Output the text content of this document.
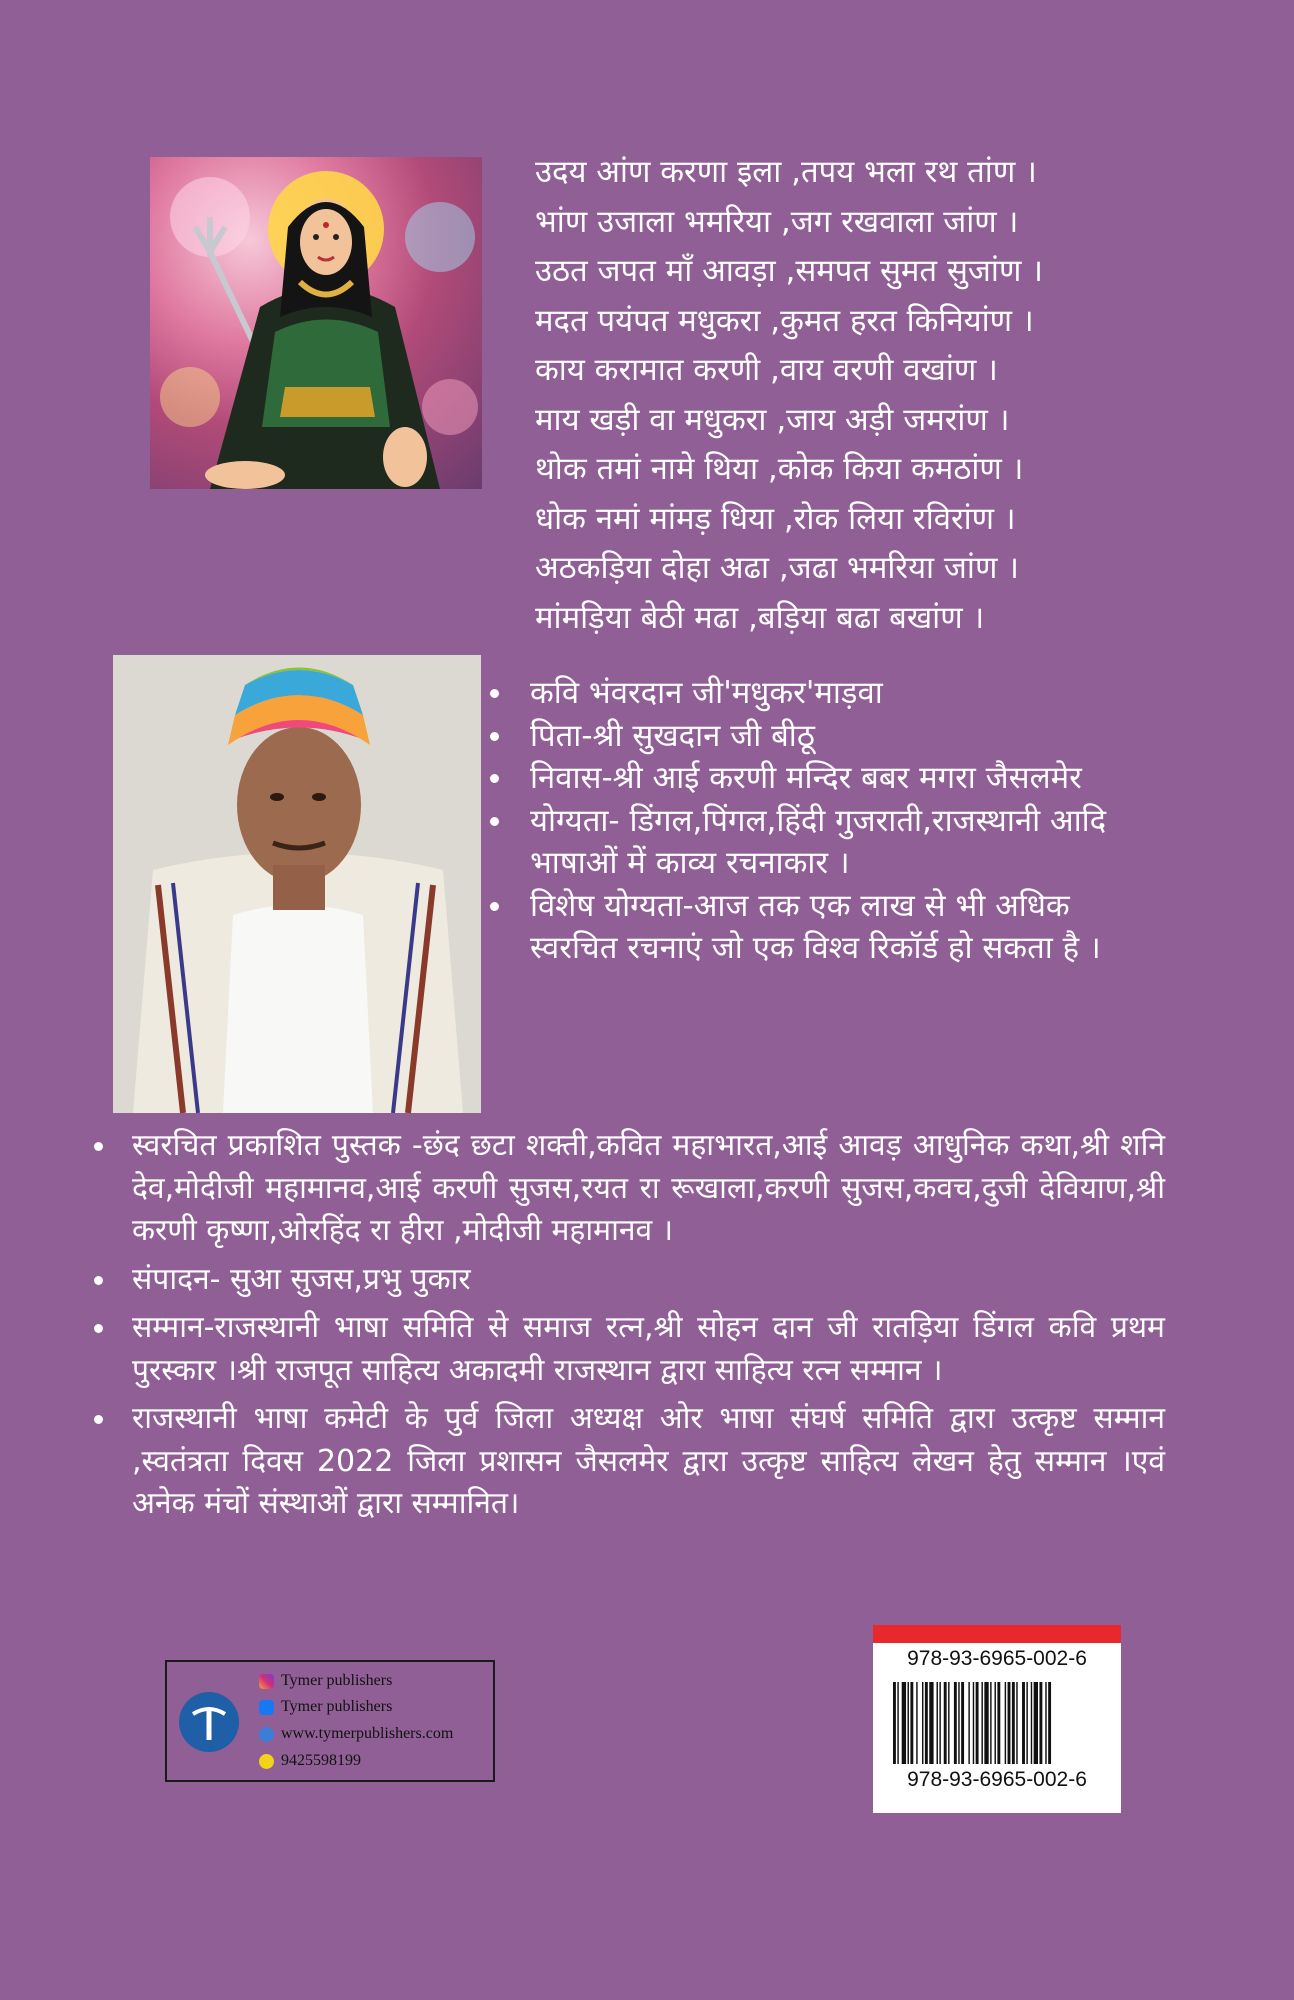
उदय आंण करणा इला ,तपय भला रथ तांण ।
भांण उजाला भमरिया ,जग रखवाला जांण ।
उठत जपत माँ आवड़ा ,समपत सुमत सुजांण ।
मदत पयंपत मधुकरा ,कुमत हरत किनियांण ।
काय करामात करणी ,वाय वरणी वखांण ।
माय खड़ी वा मधुकरा ,जाय अड़ी जमरांण ।
थोक तमां नामे थिया ,कोक किया कमठांण ।
धोक नमां मांमड़ धिया ,रोक लिया रविरांण ।
अठकड़िया दोहा अढा ,जढा भमरिया जांण ।
मांमड़िया बेठी मढा ,बड़िया बढा बखांण ।
कवि भंवरदान जी'मधुकर'माड़वा
पिता-श्री सुखदान जी बीठू
निवास-श्री आई करणी मन्दिर बबर मगरा जैसलमेर
योग्यता- डिंगल,पिंगल,हिंदी गुजराती,राजस्थानी आदि भाषाओं में काव्य रचनाकार ।
विशेष योग्यता-आज तक एक लाख से भी अधिक स्वरचित रचनाएं जो एक विश्व रिकॉर्ड हो सकता है ।
स्वरचित प्रकाशित पुस्तक -छंद छटा शक्ती,कवित महाभारत,आई आवड़ आधुनिक कथा,श्री शनि देव,मोदीजी महामानव,आई करणी सुजस,रयत रा रूखाला,करणी सुजस,कवच,दुजी देवियाण,श्री करणी कृष्णा,ओरहिंद रा हीरा ,मोदीजी महामानव ।
संपादन- सुआ सुजस,प्रभु पुकार
सम्मान-राजस्थानी भाषा समिति से समाज रत्न,श्री सोहन दान जी रातड़िया डिंगल कवि प्रथम पुरस्कार ।श्री राजपूत साहित्य अकादमी राजस्थान द्वारा साहित्य रत्न सम्मान ।
राजस्थानी भाषा कमेटी के पुर्व जिला अध्यक्ष ओर भाषा संघर्ष समिति द्वारा उत्कृष्ट सम्मान ,स्वतंत्रता दिवस 2022 जिला प्रशासन जैसलमेर द्वारा उत्कृष्ट साहित्य लेखन हेतु सम्मान ।एवं अनेक मंचों संस्थाओं द्वारा सम्मानित।
Tymer publishers
Tymer publishers
www.tymerpublishers.com
9425598199
978-93-6965-002-6
978-93-6965-002-6
